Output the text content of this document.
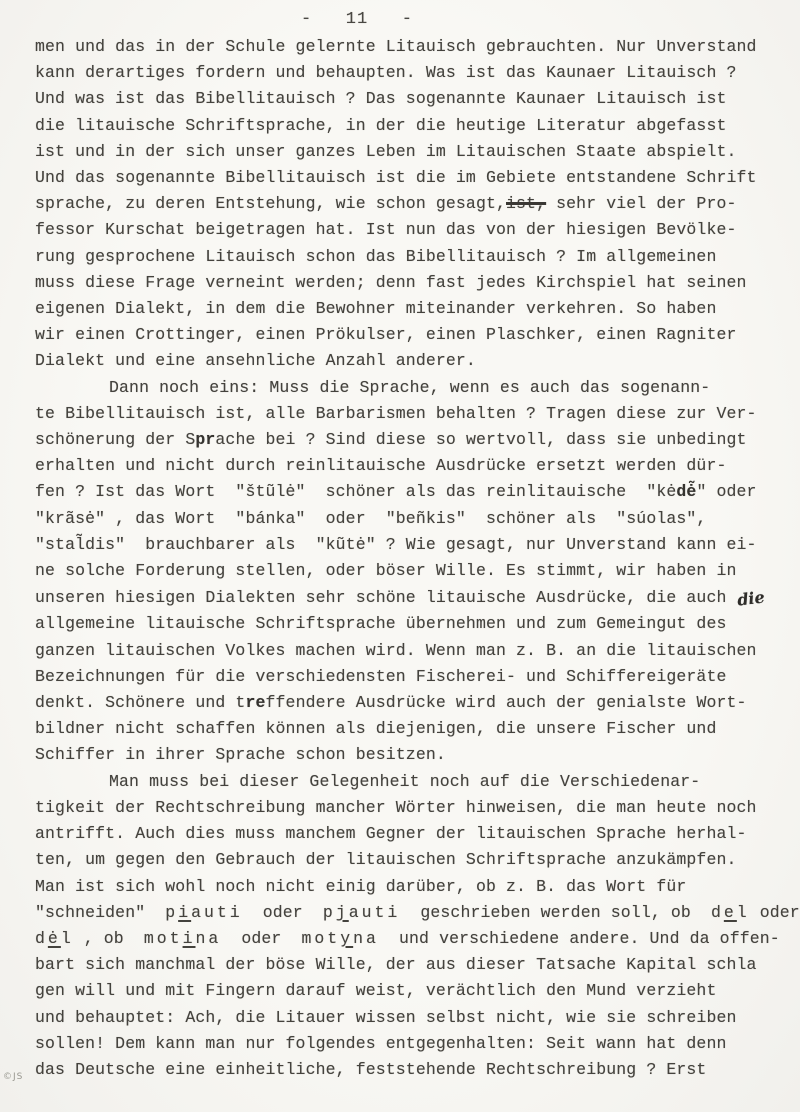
-   11   -
men und das in der Schule gelernte Litauisch gebrauchten. Nur Unverstand
kann derartiges fordern und behaupten. Was ist das Kaunaer Litauisch ?
Und was ist das Bibellitauisch ? Das sogenannte Kaunaer Litauisch ist
die litauische Schriftsprache, in der die heutige Literatur abgefasst
ist und in der sich unser ganzes Leben im Litauischen Staate abspielt.
Und das sogenannte Bibellitauisch ist die im Gebiete entstandene Schrift
sprache, zu deren Entstehung, wie schon gesagt,ist, sehr viel der Pro-
fessor Kurschat beigetragen hat. Ist nun das von der hiesigen Bevölke-
rung gesprochene Litauisch schon das Bibellitauisch ? Im allgemeinen
muss diese Frage verneint werden; denn fast jedes Kirchspiel hat seinen
eigenen Dialekt, in dem die Bewohner miteinander verkehren. So haben
wir einen Crottinger, einen Prökulser, einen Plaschker, einen Ragniter
Dialekt und eine ansehnliche Anzahl anderer.
Dann noch eins: Muss die Sprache, wenn es auch das sogenann-
te Bibellitauisch ist, alle Barbarismen behalten ? Tragen diese zur Ver-
schönerung der Sprache bei ? Sind diese so wertvoll, dass sie unbedingt
erhalten und nicht durch reinlitauische Ausdrücke ersetzt werden dür-
fen ? Ist das Wort  "štũlė"  schöner als das reinlitauische  "kėdė̃" oder
"krãsė" , das Wort  "bánka"  oder  "beñkis"  schöner als  "súolas",
"stal̃dis"  brauchbarer als  "kũtė" ? Wie gesagt, nur Unverstand kann ei-
ne solche Forderung stellen, oder böser Wille. Es stimmt, wir haben in
unseren hiesigen Dialekten sehr schöne litauische Ausdrücke, die auch die
allgemeine litauische Schriftsprache übernehmen und zum Gemeingut des
ganzen litauischen Volkes machen wird. Wenn man z. B. an die litauischen
Bezeichnungen für die verschiedensten Fischerei- und Schiffereigeräte
denkt. Schönere und treffendere Ausdrücke wird auch der genialste Wort-
bildner nicht schaffen können als diejenigen, die unsere Fischer und
Schiffer in ihrer Sprache schon besitzen.
Man muss bei dieser Gelegenheit noch auf die Verschiedenar-
tigkeit der Rechtschreibung mancher Wörter hinweisen, die man heute noch
antrifft. Auch dies muss manchem Gegner der litauischen Sprache herhal-
ten, um gegen den Gebrauch der litauischen Schriftsprache anzukämpfen.
Man ist sich wohl noch nicht einig darüber, ob z. B. das Wort für
"schneiden"  piauti  oder  pjauti  geschrieben werden soll, ob  del oder
dėl , ob  motina  oder  motyna  und verschiedene andere. Und da offen-
bart sich manchmal der böse Wille, der aus dieser Tatsache Kapital schla
gen will und mit Fingern darauf weist, verächtlich den Mund verzieht
und behauptet: Ach, die Litauer wissen selbst nicht, wie sie schreiben
sollen! Dem kann man nur folgendes entgegenhalten: Seit wann hat denn
das Deutsche eine einheitliche, feststehende Rechtschreibung ? Erst
©JS
